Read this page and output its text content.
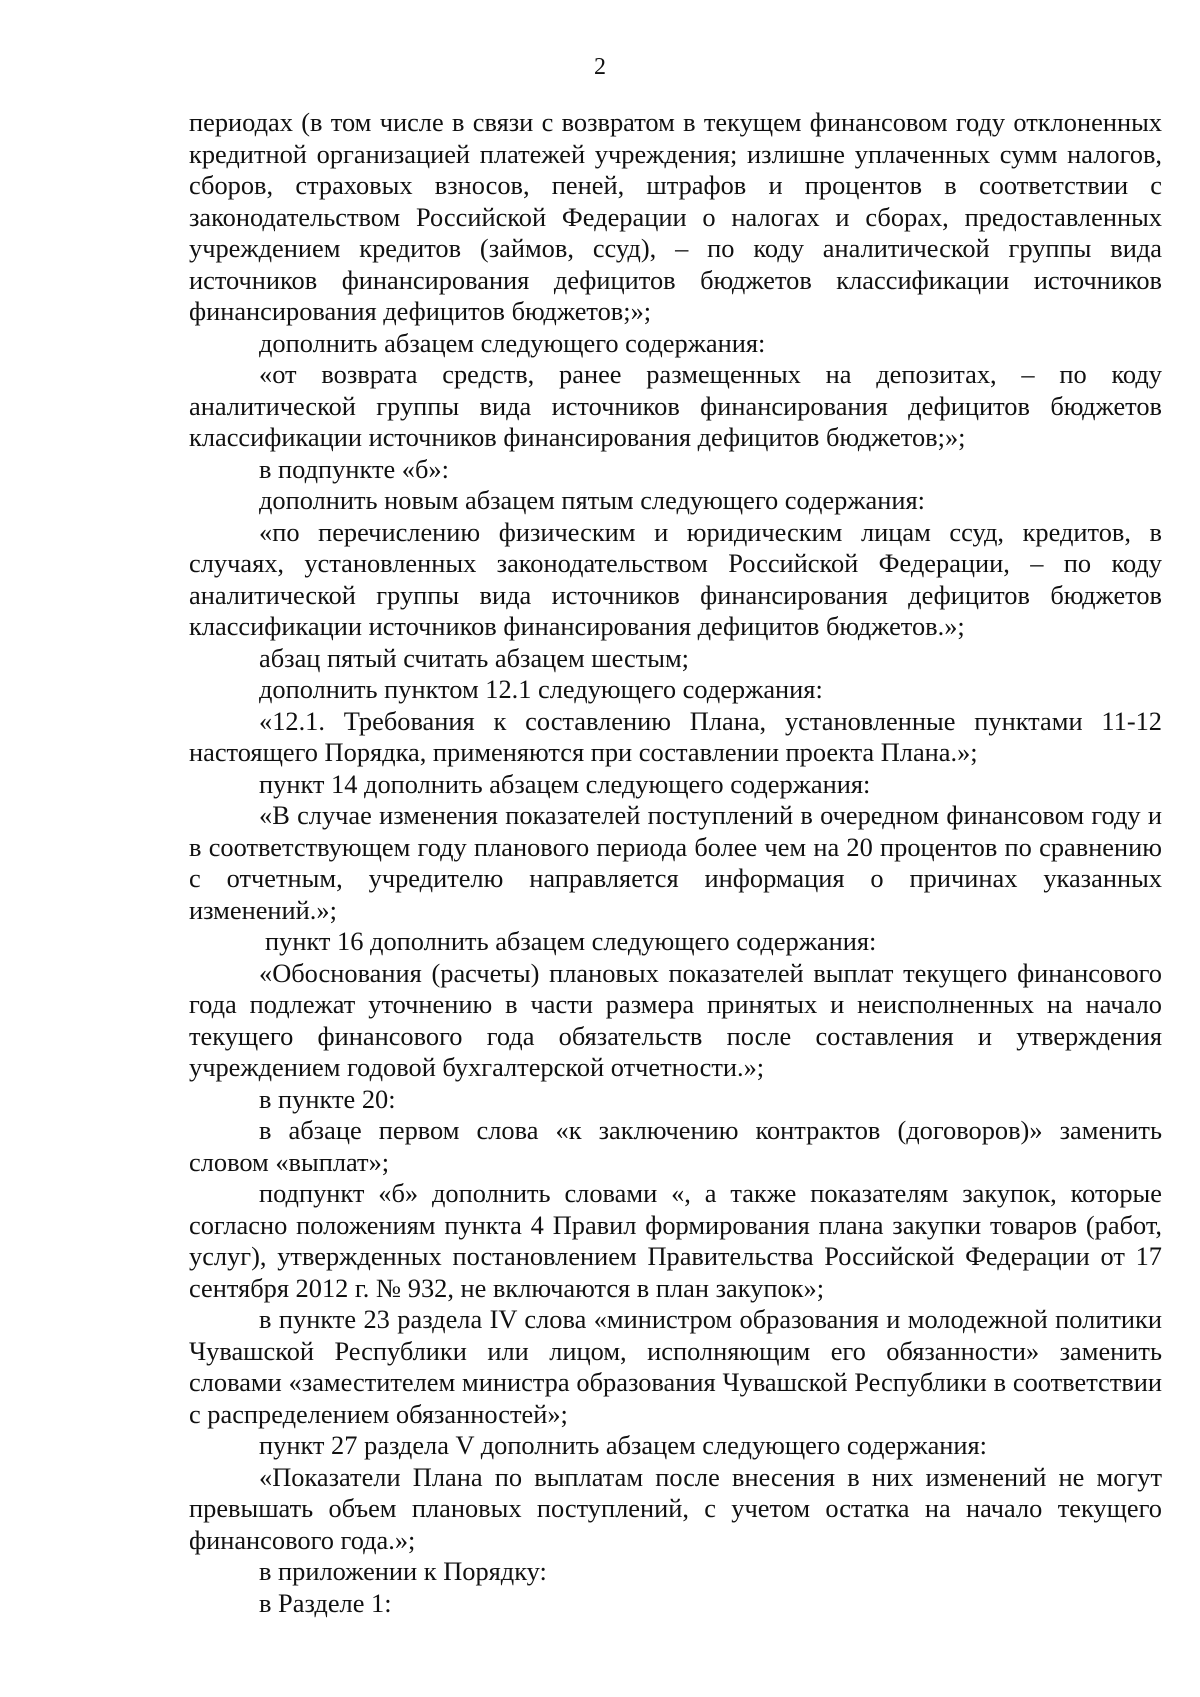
2

периодах (в том числе в связи с возвратом в текущем финансовом году отклоненных кредитной организацией платежей учреждения; излишне уплаченных сумм налогов, сборов, страховых взносов, пеней, штрафов и процентов в соответствии с законодательством Российской Федерации о налогах и сборах, предоставленных учреждением кредитов (займов, ссуд), – по коду аналитической группы вида источников финансирования дефицитов бюджетов классификации источников финансирования дефицитов бюджетов;»;

дополнить абзацем следующего содержания:

«от возврата средств, ранее размещенных на депозитах, – по коду аналитической группы вида источников финансирования дефицитов бюджетов классификации источников финансирования дефицитов бюджетов;»;

в подпункте «б»:

дополнить новым абзацем пятым следующего содержания:

«по перечислению физическим и юридическим лицам ссуд, кредитов, в случаях, установленных законодательством Российской Федерации, – по коду аналитической группы вида источников финансирования дефицитов бюджетов классификации источников финансирования дефицитов бюджетов.»;

абзац пятый считать абзацем шестым;

дополнить пунктом 12.1 следующего содержания:

«12.1. Требования к составлению Плана, установленные пунктами 11-12 настоящего Порядка, применяются при составлении проекта Плана.»;

пункт 14 дополнить абзацем следующего содержания:

«В случае изменения показателей поступлений в очередном финансовом году и в соответствующем году планового периода более чем на 20 процентов по сравнению с отчетным, учредителю направляется информация о причинах указанных изменений.»;

пункт 16 дополнить абзацем следующего содержания:

«Обоснования (расчеты) плановых показателей выплат текущего финансового года подлежат уточнению в части размера принятых и неисполненных на начало текущего финансового года обязательств после составления и утверждения учреждением годовой бухгалтерской отчетности.»;

в пункте 20:

в абзаце первом слова «к заключению контрактов (договоров)» заменить словом «выплат»;

подпункт «б» дополнить словами «, а также показателям закупок, которые согласно положениям пункта 4 Правил формирования плана закупки товаров (работ, услуг), утвержденных постановлением Правительства Российской Федерации от 17 сентября 2012 г. № 932, не включаются в план закупок»;

в пункте 23 раздела IV слова «министром образования и молодежной политики Чувашской Республики или лицом, исполняющим его обязанности» заменить словами «заместителем министра образования Чувашской Республики в соответствии с распределением обязанностей»;

пункт 27 раздела V дополнить абзацем следующего содержания:

«Показатели Плана по выплатам после внесения в них изменений не могут превышать объем плановых поступлений, с учетом остатка на начало текущего финансового года.»;

в приложении к Порядку:

в Разделе 1:
